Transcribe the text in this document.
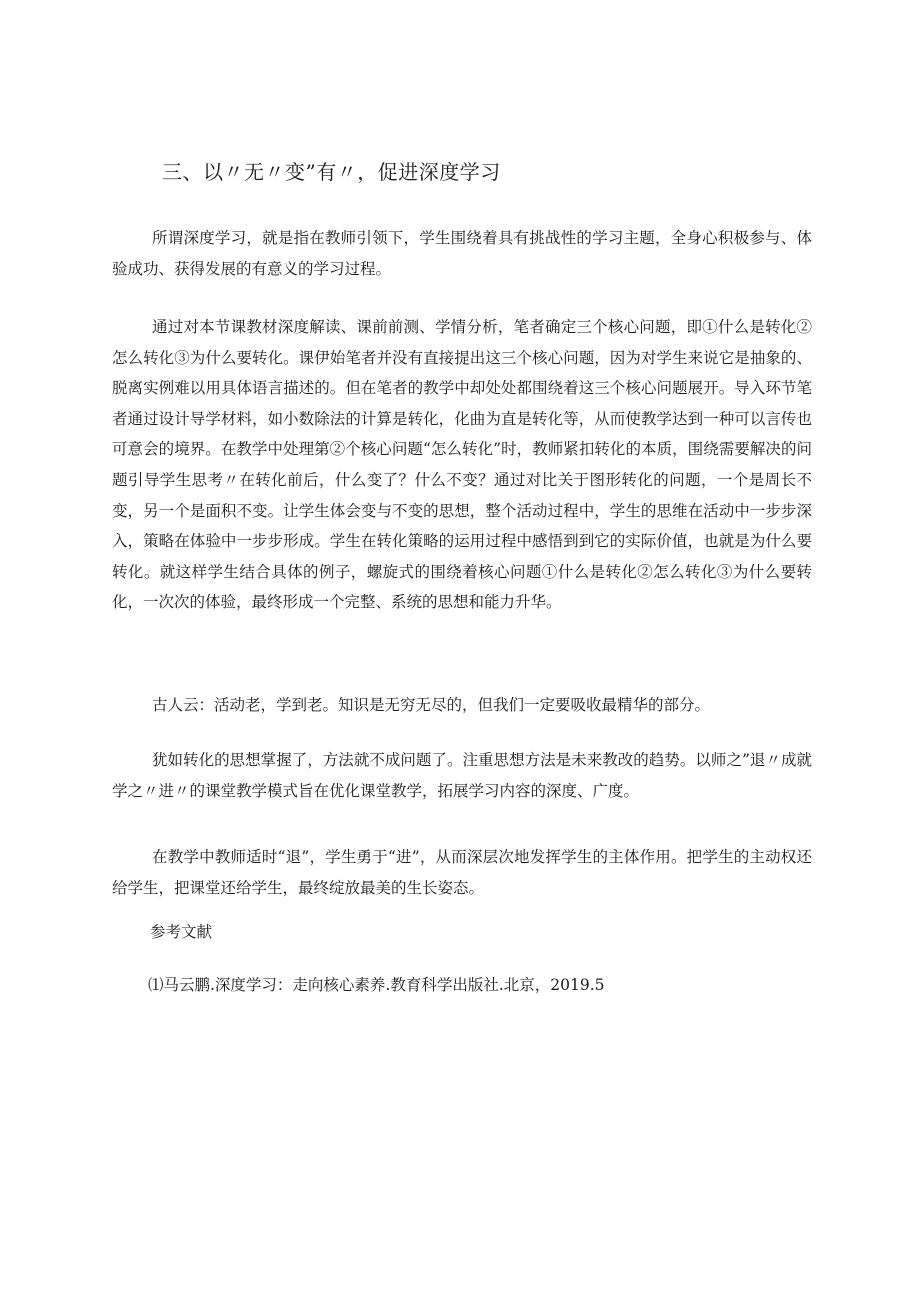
三、以〃无〃变”有〃，促进深度学习

所谓深度学习，就是指在教师引领下，学生围绕着具有挑战性的学习主题，全身心积极参与、体验成功、获得发展的有意义的学习过程。

通过对本节课教材深度解读、课前前测、学情分析，笔者确定三个核心问题，即①什么是转化②怎么转化③为什么要转化。课伊始笔者并没有直接提出这三个核心问题，因为对学生来说它是抽象的、脱离实例难以用具体语言描述的。但在笔者的教学中却处处都围绕着这三个核心问题展开。导入环节笔者通过设计导学材料，如小数除法的计算是转化，化曲为直是转化等，从而使教学达到一种可以言传也可意会的境界。在教学中处理第②个核心问题“怎么转化”时，教师紧扣转化的本质，围绕需要解决的问题引导学生思考〃在转化前后，什么变了？什么不变？通过对比关于图形转化的问题，一个是周长不变，另一个是面积不变。让学生体会变与不变的思想，整个活动过程中，学生的思维在活动中一步步深入，策略在体验中一步步形成。学生在转化策略的运用过程中感悟到到它的实际价值，也就是为什么要转化。就这样学生结合具体的例子，螺旋式的围绕着核心问题①什么是转化②怎么转化③为什么要转化，一次次的体验，最终形成一个完整、系统的思想和能力升华。

古人云：活动老，学到老。知识是无穷无尽的，但我们一定要吸收最精华的部分。

犹如转化的思想掌握了，方法就不成问题了。注重思想方法是未来教改的趋势。以师之”退〃成就学之〃进〃的课堂教学模式旨在优化课堂教学，拓展学习内容的深度、广度。

在教学中教师适时“退”，学生勇于“进”，从而深层次地发挥学生的主体作用。把学生的主动权还给学生，把课堂还给学生，最终绽放最美的生长姿态。

参考文献

⑴马云鹏.深度学习：走向核心素养.教育科学出版社.北京，2019.5
